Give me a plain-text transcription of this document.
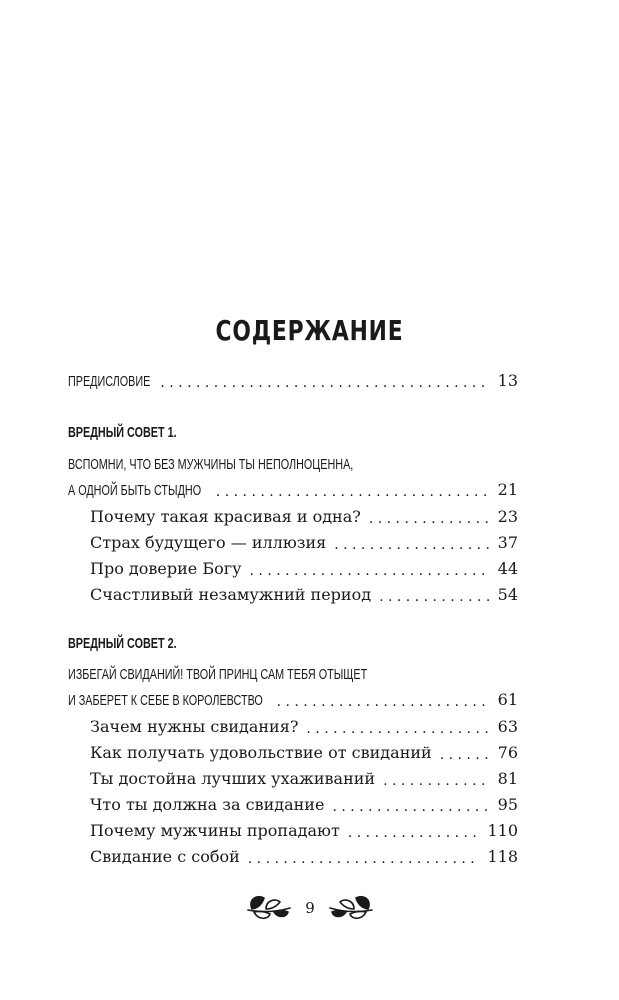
СОДЕРЖАНИЕ
ПРЕДИСЛОВИЕ . . .	13
ВРЕДНЫЙ СОВЕТ 1.
ВСПОМНИ, ЧТО БЕЗ МУЖЧИНЫ ТЫ НЕПОЛНОЦЕННА,
А ОДНОЙ БЫТЬ СТЫДНО . . .	21
Почему такая красивая и одна? . . .	23
Страх будущего — иллюзия . . .	37
Про доверие Богу . . .	44
Счастливый незамужний период . . .	54
ВРЕДНЫЙ СОВЕТ 2.
ИЗБЕГАЙ СВИДАНИЙ! ТВОЙ ПРИНЦ САМ ТЕБЯ ОТЫЩЕТ
И ЗАБЕРЕТ К СЕБЕ В КОРОЛЕВСТВО . . .	61
Зачем нужны свидания? . . .	63
Как получать удовольствие от свиданий . . .	76
Ты достойна лучших ухаживаний . . .	81
Что ты должна за свидание . . .	95
Почему мужчины пропадают . . .	110
Свидание с собой . . .	118
9
